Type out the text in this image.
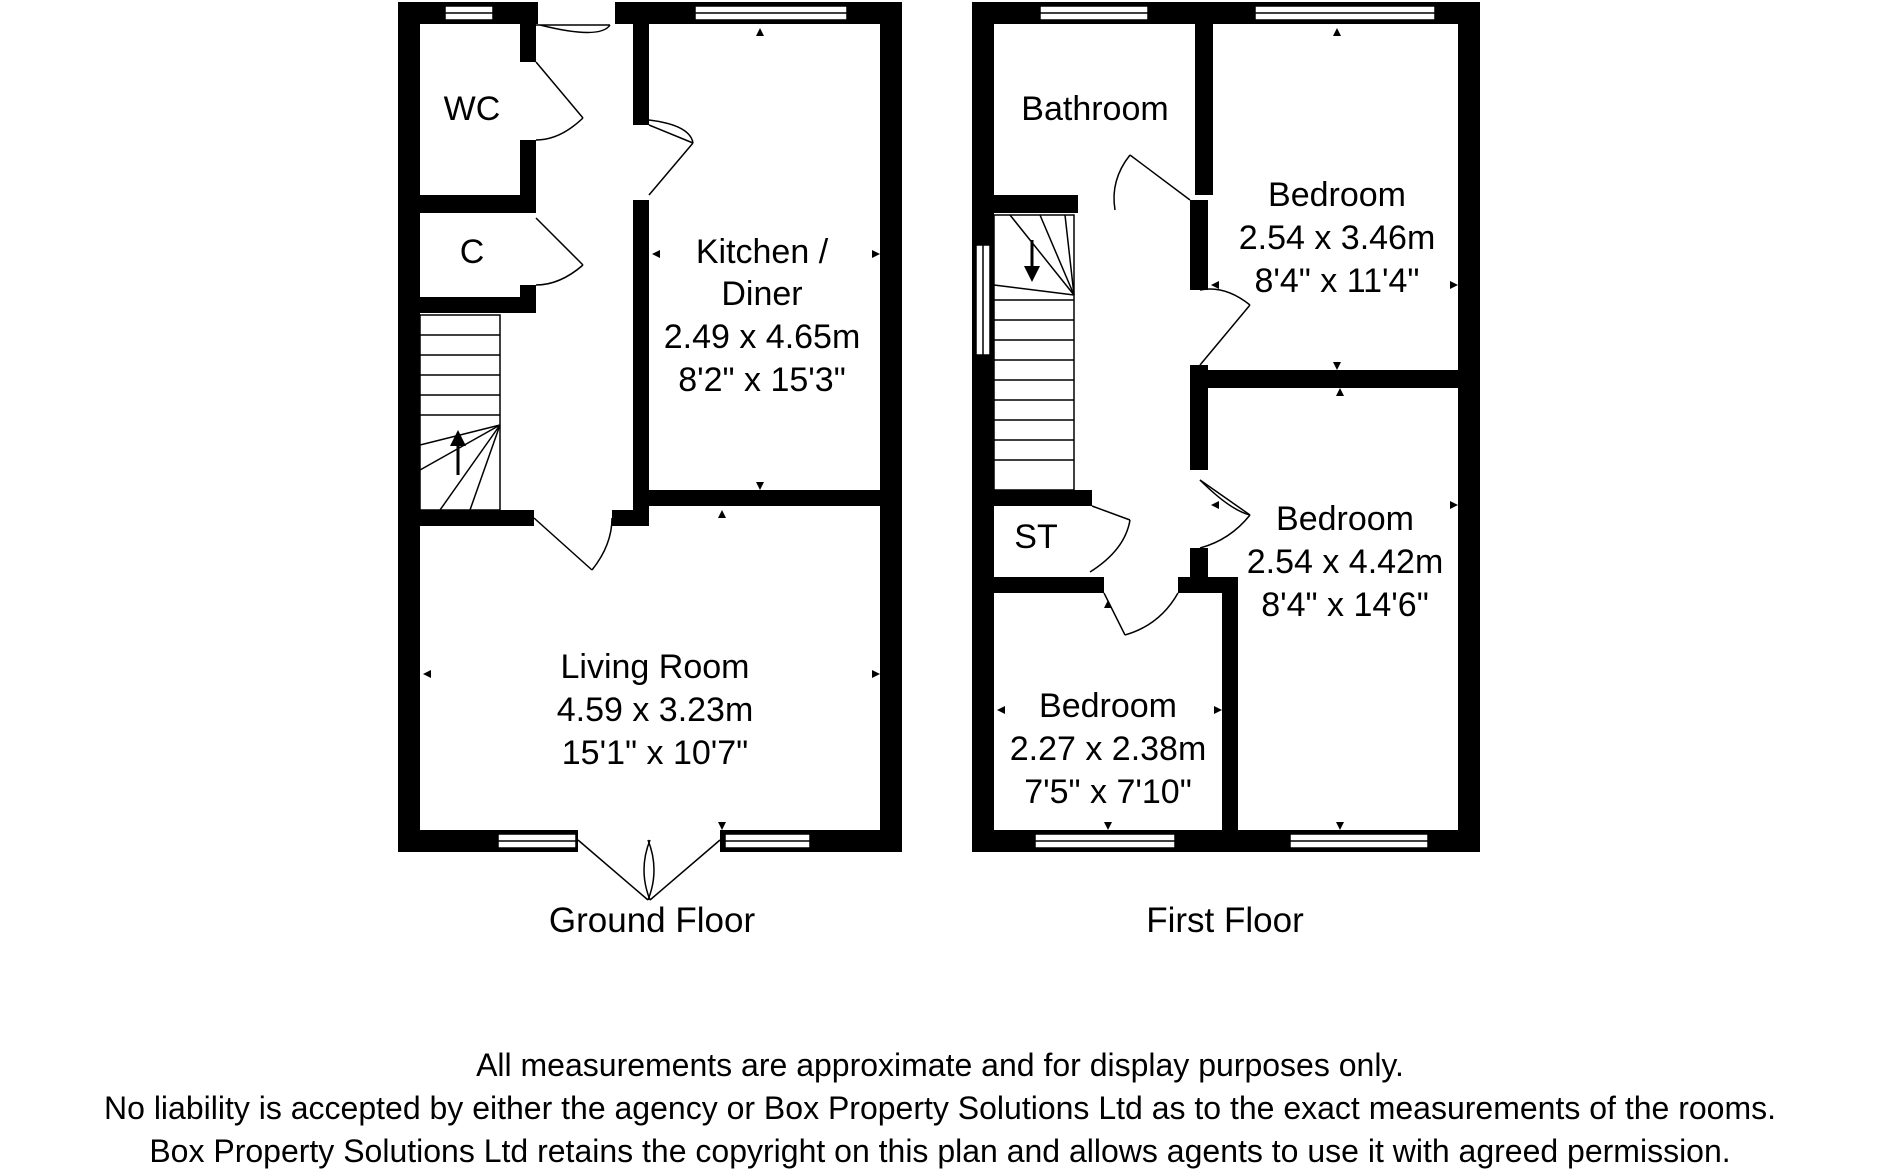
WC
C	Kitchen /
Diner
2.49 x 4.65m
8'2" x 15'3"
Living Room
4.59 x 3.23m
15'1" x 10'7"
Bathroom
Bedroom
2.54 x 3.46m
8'4" x 11'4"
Bedroom
2.54 x 4.42m
8'4" x 14'6"
Bedroom
2.27 x 2.38m
7'5" x 7'10"
ST
Ground Floor	First Floor
All measurements are approximate and for display purposes only.
No liability is accepted by either the agency or Box Property Solutions Ltd as to the exact measurements of the rooms.
Box Property Solutions Ltd retains the copyright on this plan and allows agents to use it with agreed permission.
